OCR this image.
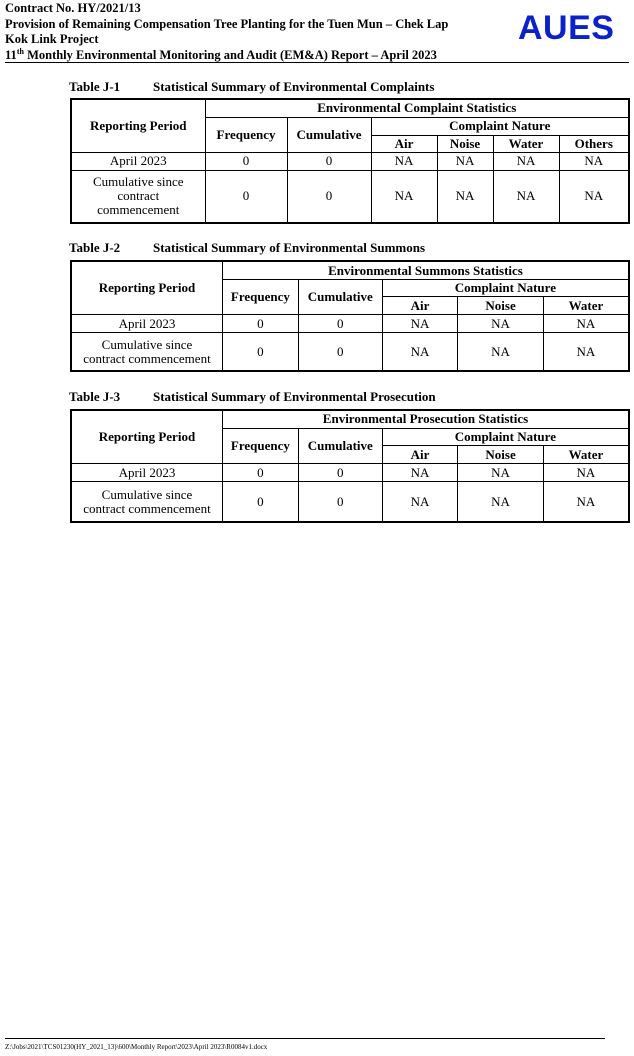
Contract No. HY/2021/13
Provision of Remaining Compensation Tree Planting for the Tuen Mun – Chek Lap
Kok Link Project
11th Monthly Environmental Monitoring and Audit (EM&A) Report – April 2023
AUES
Table J-1	Statistical Summary of Environmental Complaints
Reporting Period	Environmental Complaint Statistics					
	Frequency	Cumulative	Complaint Nature			
			Air	Noise	Water	Others
April 2023	0	0	NA	NA	NA	NA

Cumulative since
contract
commencement	0	0	NA	NA	NA	NA
Table J-2	Statistical Summary of Environmental Summons
Reporting Period	Environmental Summons Statistics				
	Frequency	Cumulative	Complaint Nature		
			Air	Noise	Water
April 2023	0	0	NA	NA	NA

Cumulative since
contract commencement	0	0	NA	NA	NA
Table J-3	Statistical Summary of Environmental Prosecution
Reporting Period	Environmental Prosecution Statistics				
	Frequency	Cumulative	Complaint Nature		
			Air	Noise	Water
April 2023	0	0	NA	NA	NA

Cumulative since
contract commencement	0	0	NA	NA	NA
Z:\Jobs\2021\TCS01230(HY_2021_13)\600\Monthly Report\2023\April 2023\R0084v1.docx
